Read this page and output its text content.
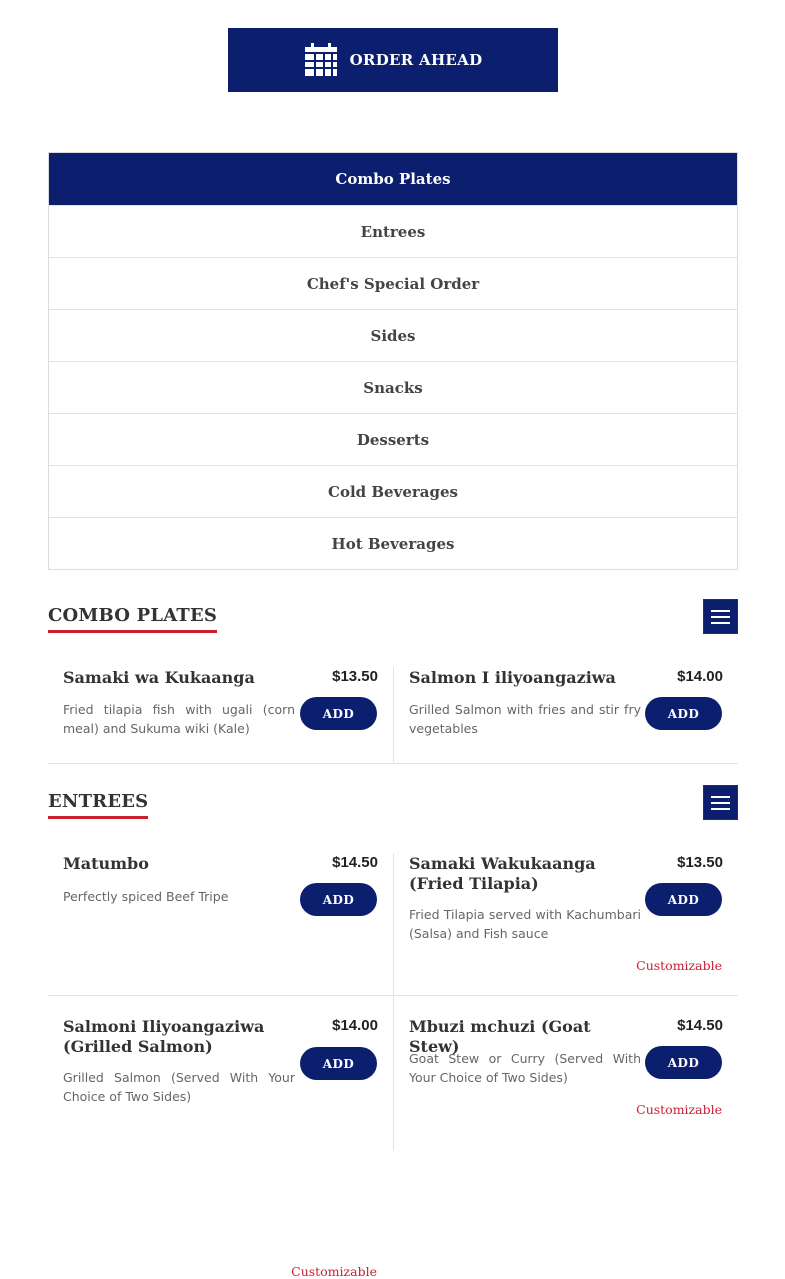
ORDER AHEAD
Combo Plates
Entrees
Chef's Special Order
Sides
Snacks
Desserts
Cold Beverages
Hot Beverages
COMBO PLATES
Samaki wa Kukaanga	$13.50
Fried tilapia fish with ugali (corn meal) and Sukuma wiki (Kale)
ADD
Salmon I iliyoangaziwa	$14.00
Grilled Salmon with fries and stir fry vegetables
ADD
ENTREES
Matumbo	$14.50
Perfectly spiced Beef Tripe	ADD
Samaki Wakukaanga (Fried Tilapia)
$13.50
Fried Tilapia served with Kachumbari (Salsa) and Fish sauce
ADD
Customizable
Salmoni Iliyoangaziwa (Grilled Salmon)
$14.00
Grilled Salmon (Served With Your Choice of Two Sides)
ADD
Customizable
Mbuzi mchuzi (Goat Stew)
$14.50
Goat Stew or Curry (Served With Your Choice of Two Sides)
ADD
Customizable
